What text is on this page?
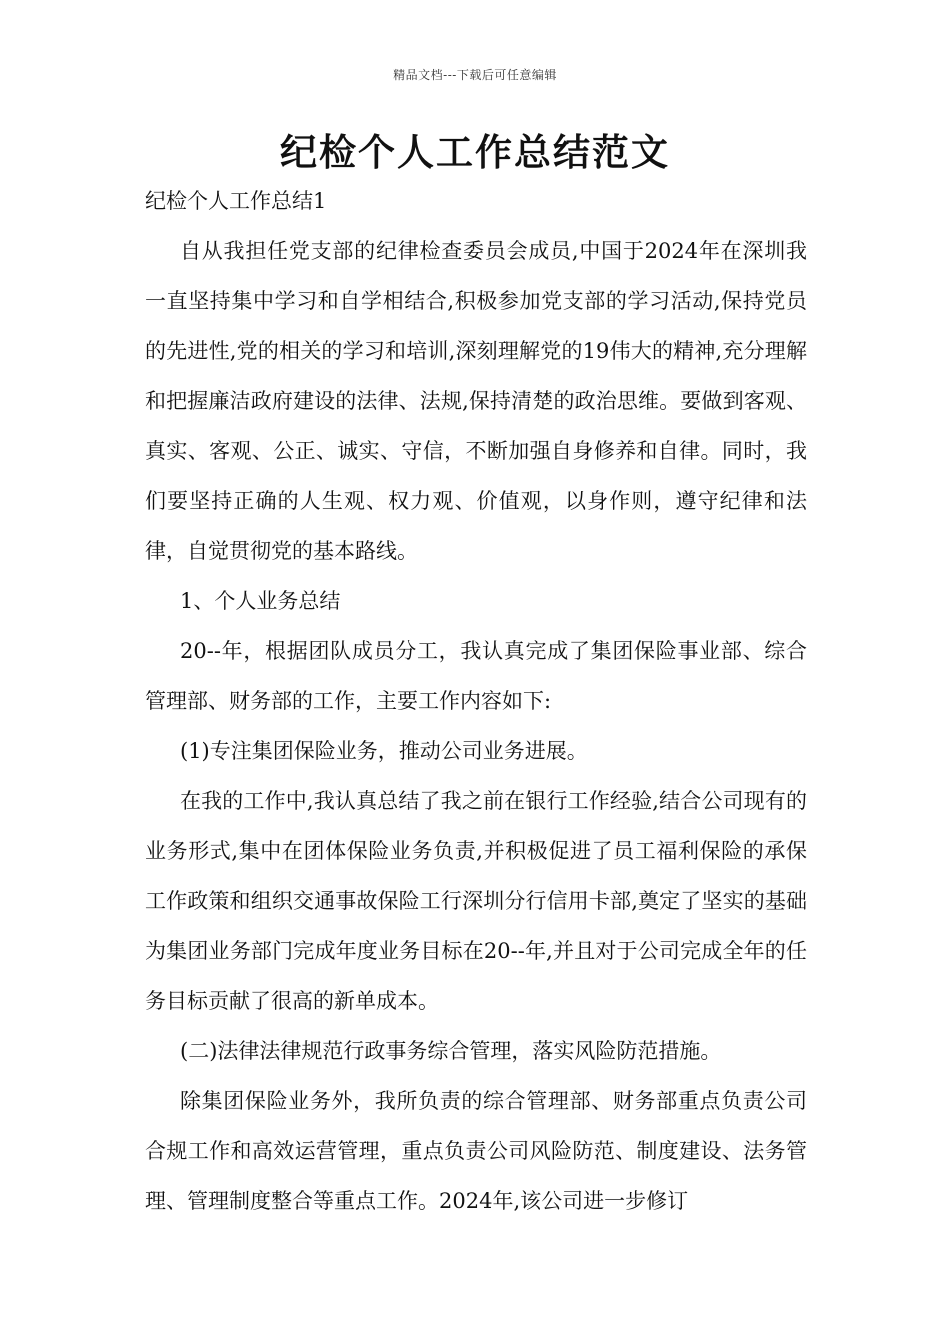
精品文档---下载后可任意编辑
纪检个人工作总结范文

纪检个人工作总结1

自从我担任党支部的纪律检查委员会成员,中国于2024年在深圳我一直坚持集中学习和自学相结合,积极参加党支部的学习活动,保持党员的先进性,党的相关的学习和培训,深刻理解党的19伟大的精神,充分理解和把握廉洁政府建设的法律、法规,保持清楚的政治思维。要做到客观、真实、客观、公正、诚实、守信，不断加强自身修养和自律。同时，我们要坚持正确的人生观、权力观、价值观，以身作则，遵守纪律和法律，自觉贯彻党的基本路线。

1、个人业务总结

20--年，根据团队成员分工，我认真完成了集团保险事业部、综合管理部、财务部的工作，主要工作内容如下:

(1)专注集团保险业务，推动公司业务进展。

在我的工作中,我认真总结了我之前在银行工作经验,结合公司现有的业务形式,集中在团体保险业务负责,并积极促进了员工福利保险的承保工作政策和组织交通事故保险工行深圳分行信用卡部,奠定了坚实的基础为集团业务部门完成年度业务目标在20--年,并且对于公司完成全年的任务目标贡献了很高的新单成本。

(二)法律法律规范行政事务综合管理，落实风险防范措施。

除集团保险业务外，我所负责的综合管理部、财务部重点负责公司合规工作和高效运营管理，重点负责公司风险防范、制度建设、法务管理、管理制度整合等重点工作。2024年,该公司进一步修订
